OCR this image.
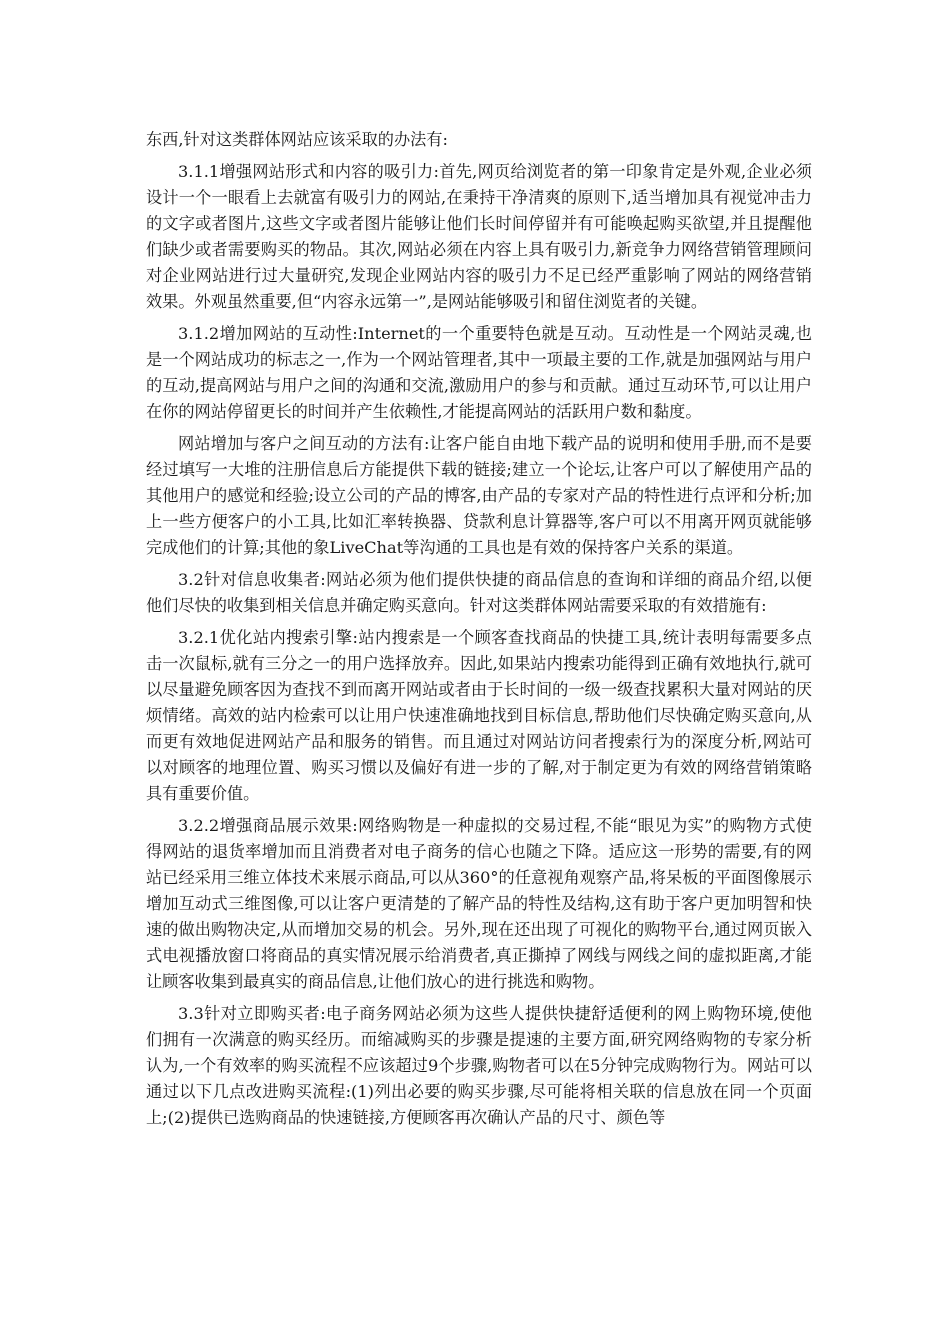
东西,针对这类群体网站应该采取的办法有:

3.1.1增强网站形式和内容的吸引力:首先,网页给浏览者的第一印象肯定是外观,企业必须设计一个一眼看上去就富有吸引力的网站,在秉持干净清爽的原则下,适当增加具有视觉冲击力的文字或者图片,这些文字或者图片能够让他们长时间停留并有可能唤起购买欲望,并且提醒他们缺少或者需要购买的物品。其次,网站必须在内容上具有吸引力,新竞争力网络营销管理顾问对企业网站进行过大量研究,发现企业网站内容的吸引力不足已经严重影响了网站的网络营销效果。外观虽然重要,但“内容永远第一”,是网站能够吸引和留住浏览者的关键。

3.1.2增加网站的互动性:Internet的一个重要特色就是互动。互动性是一个网站灵魂,也是一个网站成功的标志之一,作为一个网站管理者,其中一项最主要的工作,就是加强网站与用户的互动,提高网站与用户之间的沟通和交流,激励用户的参与和贡献。通过互动环节,可以让用户在你的网站停留更长的时间并产生依赖性,才能提高网站的活跃用户数和黏度。

网站增加与客户之间互动的方法有:让客户能自由地下载产品的说明和使用手册,而不是要经过填写一大堆的注册信息后方能提供下载的链接;建立一个论坛,让客户可以了解使用产品的其他用户的感觉和经验;设立公司的产品的博客,由产品的专家对产品的特性进行点评和分析;加上一些方便客户的小工具,比如汇率转换器、贷款利息计算器等,客户可以不用离开网页就能够完成他们的计算;其他的象LiveChat等沟通的工具也是有效的保持客户关系的渠道。

3.2针对信息收集者:网站必须为他们提供快捷的商品信息的查询和详细的商品介绍,以便他们尽快的收集到相关信息并确定购买意向。针对这类群体网站需要采取的有效措施有:

3.2.1优化站内搜索引擎:站内搜索是一个顾客查找商品的快捷工具,统计表明每需要多点击一次鼠标,就有三分之一的用户选择放弃。因此,如果站内搜索功能得到正确有效地执行,就可以尽量避免顾客因为查找不到而离开网站或者由于长时间的一级一级查找累积大量对网站的厌烦情绪。高效的站内检索可以让用户快速准确地找到目标信息,帮助他们尽快确定购买意向,从而更有效地促进网站产品和服务的销售。而且通过对网站访问者搜索行为的深度分析,网站可以对顾客的地理位置、购买习惯以及偏好有进一步的了解,对于制定更为有效的网络营销策略具有重要价值。

3.2.2增强商品展示效果:网络购物是一种虚拟的交易过程,不能“眼见为实”的购物方式使得网站的退货率增加而且消费者对电子商务的信心也随之下降。适应这一形势的需要,有的网站已经采用三维立体技术来展示商品,可以从360°的任意视角观察产品,将呆板的平面图像展示增加互动式三维图像,可以让客户更清楚的了解产品的特性及结构,这有助于客户更加明智和快速的做出购物决定,从而增加交易的机会。另外,现在还出现了可视化的购物平台,通过网页嵌入式电视播放窗口将商品的真实情况展示给消费者,真正撕掉了网线与网线之间的虚拟距离,才能让顾客收集到最真实的商品信息,让他们放心的进行挑选和购物。

3.3针对立即购买者:电子商务网站必须为这些人提供快捷舒适便利的网上购物环境,使他们拥有一次满意的购买经历。而缩减购买的步骤是提速的主要方面,研究网络购物的专家分析认为,一个有效率的购买流程不应该超过9个步骤,购物者可以在5分钟完成购物行为。网站可以通过以下几点改进购买流程:(1)列出必要的购买步骤,尽可能将相关联的信息放在同一个页面上;(2)提供已选购商品的快速链接,方便顾客再次确认产品的尺寸、颜色等
